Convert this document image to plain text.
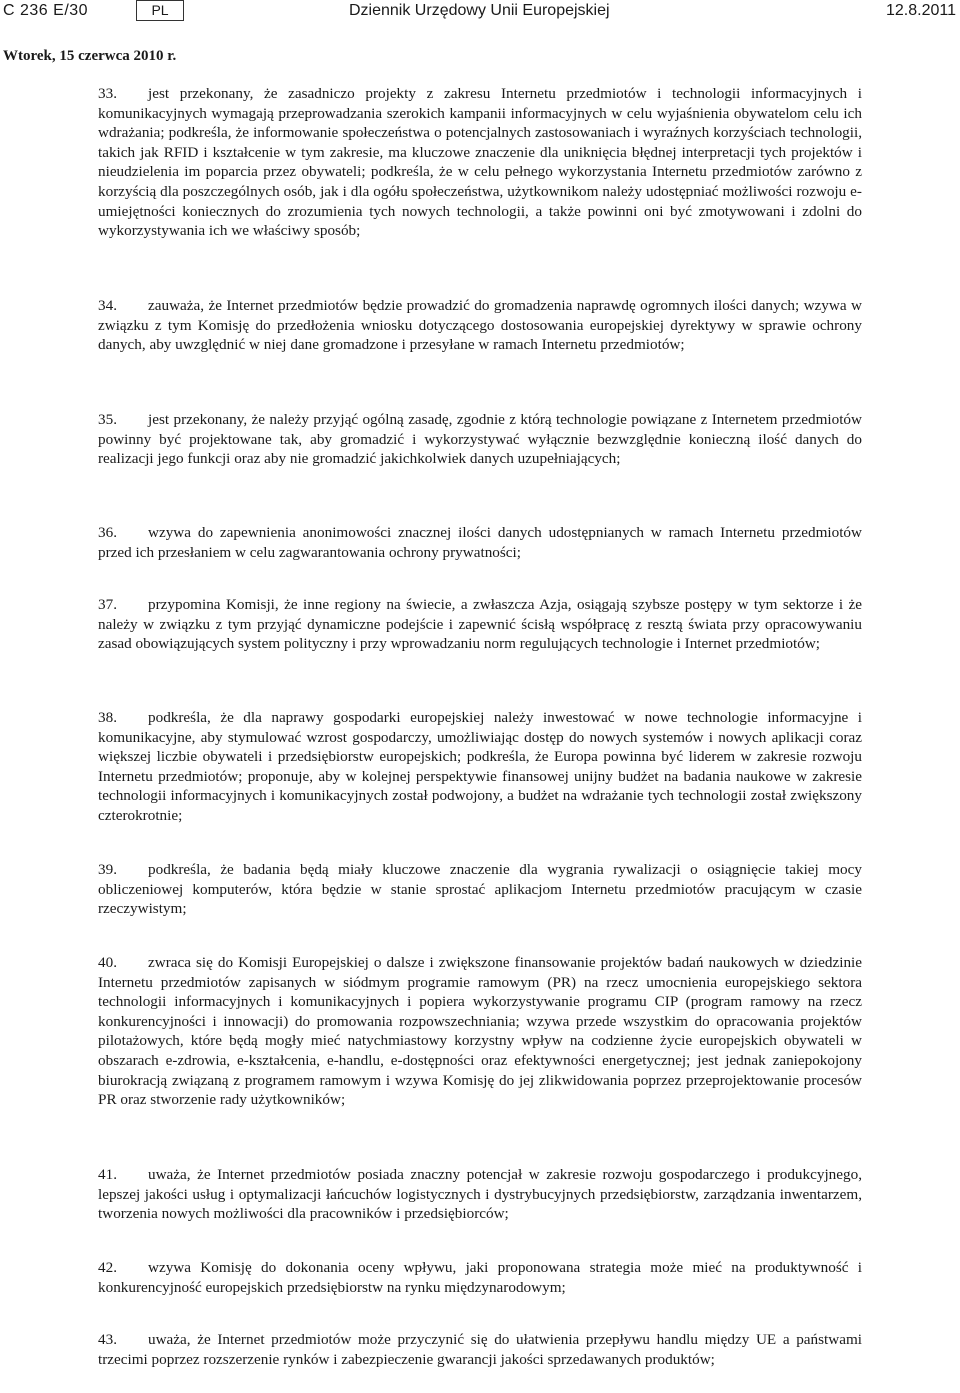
C 236 E/30	PL	Dziennik Urzędowy Unii Europejskiej	12.8.2011
Wtorek, 15 czerwca 2010 r.

33. jest przekonany, że zasadniczo projekty z zakresu Internetu przedmiotów i technologii informacyjnych i komunikacyjnych wymagają przeprowadzania szerokich kampanii informacyjnych w celu wyjaśnienia obywatelom celu ich wdrażania; podkreśla, że informowanie społeczeństwa o potencjalnych zastosowaniach i wyraźnych korzyściach technologii, takich jak RFID i kształcenie w tym zakresie, ma kluczowe znaczenie dla uniknięcia błędnej interpretacji tych projektów i nieudzielenia im poparcia przez obywateli; podkreśla, że w celu pełnego wykorzystania Internetu przedmiotów zarówno z korzyścią dla poszczególnych osób, jak i dla ogółu społeczeństwa, użytkownikom należy udostępniać możliwości rozwoju e-umiejętności koniecznych do zrozumienia tych nowych technologii, a także powinni oni być zmotywowani i zdolni do wykorzystywania ich we właściwy sposób;

34. zauważa, że Internet przedmiotów będzie prowadzić do gromadzenia naprawdę ogromnych ilości danych; wzywa w związku z tym Komisję do przedłożenia wniosku dotyczącego dostosowania europejskiej dyrektywy w sprawie ochrony danych, aby uwzględnić w niej dane gromadzone i przesyłane w ramach Internetu przedmiotów;

35. jest przekonany, że należy przyjąć ogólną zasadę, zgodnie z którą technologie powiązane z Internetem przedmiotów powinny być projektowane tak, aby gromadzić i wykorzystywać wyłącznie bezwzględnie konieczną ilość danych do realizacji jego funkcji oraz aby nie gromadzić jakichkolwiek danych uzupełniających;

36. wzywa do zapewnienia anonimowości znacznej ilości danych udostępnianych w ramach Internetu przedmiotów przed ich przesłaniem w celu zagwarantowania ochrony prywatności;

37. przypomina Komisji, że inne regiony na świecie, a zwłaszcza Azja, osiągają szybsze postępy w tym sektorze i że należy w związku z tym przyjąć dynamiczne podejście i zapewnić ścisłą współpracę z resztą świata przy opracowywaniu zasad obowiązujących system polityczny i przy wprowadzaniu norm regulujących technologie i Internet przedmiotów;

38. podkreśla, że dla naprawy gospodarki europejskiej należy inwestować w nowe technologie informacyjne i komunikacyjne, aby stymulować wzrost gospodarczy, umożliwiając dostęp do nowych systemów i nowych aplikacji coraz większej liczbie obywateli i przedsiębiorstw europejskich; podkreśla, że Europa powinna być liderem w zakresie rozwoju Internetu przedmiotów; proponuje, aby w kolejnej perspektywie finansowej unijny budżet na badania naukowe w zakresie technologii informacyjnych i komunikacyjnych został podwojony, a budżet na wdrażanie tych technologii został zwiększony czterokrotnie;

39. podkreśla, że badania będą miały kluczowe znaczenie dla wygrania rywalizacji o osiągnięcie takiej mocy obliczeniowej komputerów, która będzie w stanie sprostać aplikacjom Internetu przedmiotów pracującym w czasie rzeczywistym;

40. zwraca się do Komisji Europejskiej o dalsze i zwiększone finansowanie projektów badań naukowych w dziedzinie Internetu przedmiotów zapisanych w siódmym programie ramowym (PR) na rzecz umocnienia europejskiego sektora technologii informacyjnych i komunikacyjnych i popiera wykorzystywanie programu CIP (program ramowy na rzecz konkurencyjności i innowacji) do promowania rozpowszechniania; wzywa przede wszystkim do opracowania projektów pilotażowych, które będą mogły mieć natychmiastowy korzystny wpływ na codzienne życie europejskich obywateli w obszarach e-zdrowia, e-kształcenia, e-handlu, e-dostępności oraz efektywności energetycznej; jest jednak zaniepokojony biurokracją związaną z programem ramowym i wzywa Komisję do jej zlikwidowania poprzez przeprojektowanie procesów PR oraz stworzenie rady użytkowników;

41. uważa, że Internet przedmiotów posiada znaczny potencjał w zakresie rozwoju gospodarczego i produkcyjnego, lepszej jakości usług i optymalizacji łańcuchów logistycznych i dystrybucyjnych przedsiębiorstw, zarządzania inwentarzem, tworzenia nowych możliwości dla pracowników i przedsiębiorców;

42. wzywa Komisję do dokonania oceny wpływu, jaki proponowana strategia może mieć na produktywność i konkurencyjność europejskich przedsiębiorstw na rynku międzynarodowym;

43. uważa, że Internet przedmiotów może przyczynić się do ułatwienia przepływu handlu między UE a państwami trzecimi poprzez rozszerzenie rynków i zabezpieczenie gwarancji jakości sprzedawanych produktów;
